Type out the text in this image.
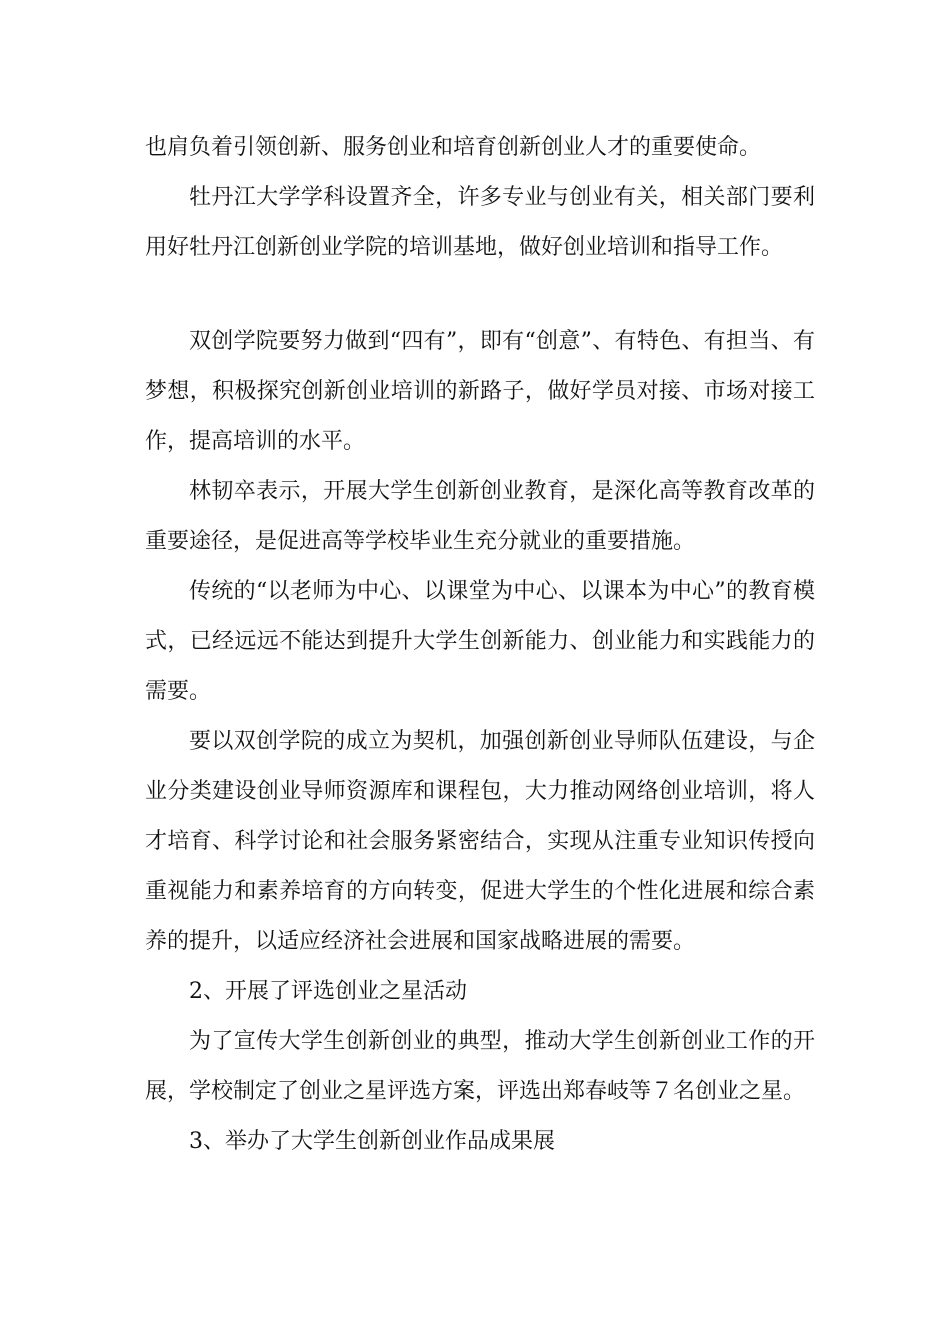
也肩负着引领创新、服务创业和培育创新创业人才的重要使命。

牡丹江大学学科设置齐全，许多专业与创业有关，相关部门要利用好牡丹江创新创业学院的培训基地，做好创业培训和指导工作。

双创学院要努力做到“四有”，即有“创意”、有特色、有担当、有梦想，积极探究创新创业培训的新路子，做好学员对接、市场对接工作，提高培训的水平。

林韧卒表示，开展大学生创新创业教育，是深化高等教育改革的重要途径，是促进高等学校毕业生充分就业的重要措施。

传统的“以老师为中心、以课堂为中心、以课本为中心”的教育模式，已经远远不能达到提升大学生创新能力、创业能力和实践能力的需要。

要以双创学院的成立为契机，加强创新创业导师队伍建设，与企业分类建设创业导师资源库和课程包，大力推动网络创业培训，将人才培育、科学讨论和社会服务紧密结合，实现从注重专业知识传授向重视能力和素养培育的方向转变，促进大学生的个性化进展和综合素养的提升，以适应经济社会进展和国家战略进展的需要。

2、开展了评选创业之星活动

为了宣传大学生创新创业的典型，推动大学生创新创业工作的开展，学校制定了创业之星评选方案，评选出郑春岐等７名创业之星。

3、举办了大学生创新创业作品成果展
